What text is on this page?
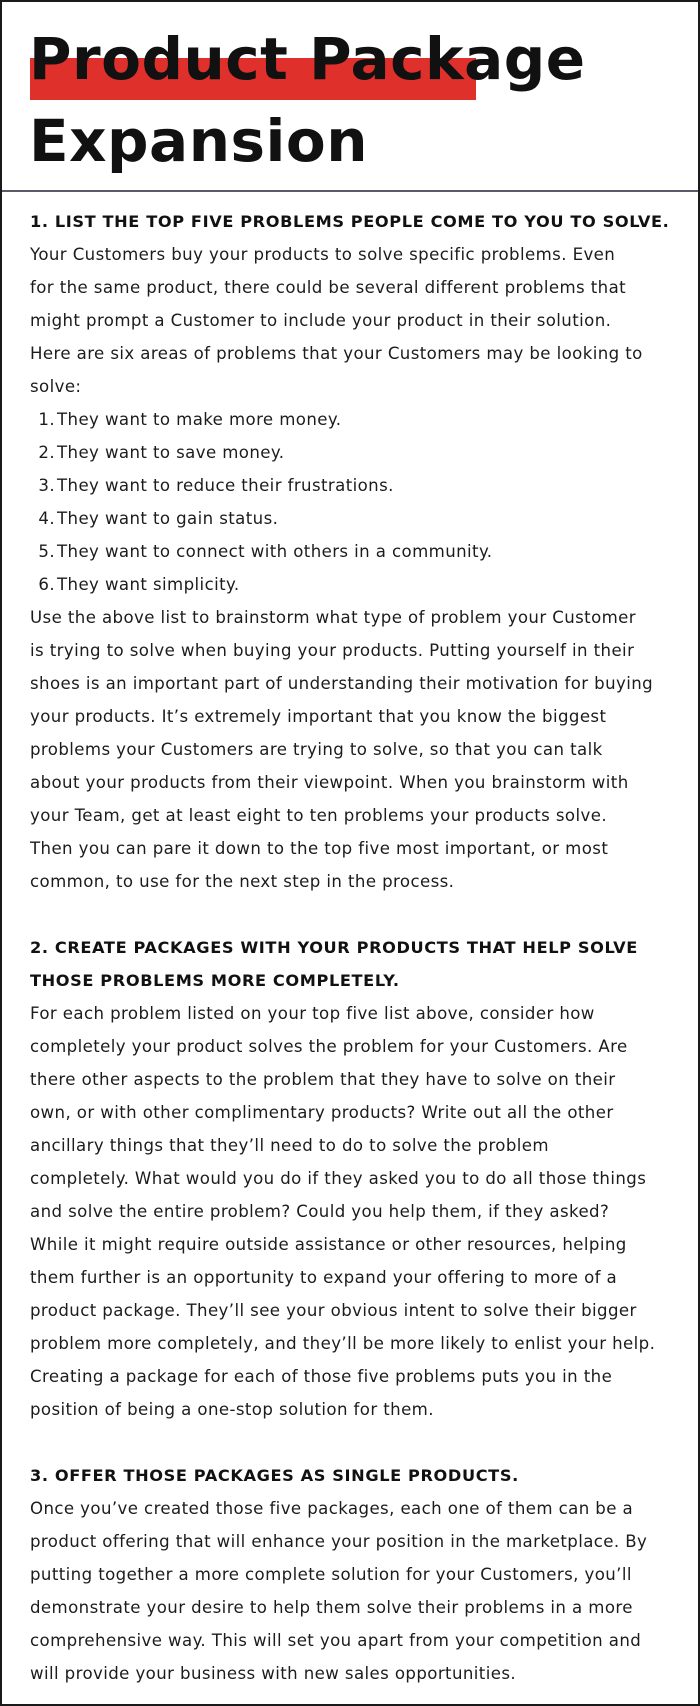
Product Package
Expansion
1. LIST THE TOP FIVE PROBLEMS PEOPLE COME TO YOU TO SOLVE.
Your Customers buy your products to solve specific problems. Even
for the same product, there could be several different problems that
might prompt a Customer to include your product in their solution.
Here are six areas of problems that your Customers may be looking to
solve:
1. They want to make more money.
2. They want to save money.
3. They want to reduce their frustrations.
4. They want to gain status.
5. They want to connect with others in a community.
6. They want simplicity.
Use the above list to brainstorm what type of problem your Customer
is trying to solve when buying your products. Putting yourself in their
shoes is an important part of understanding their motivation for buying
your products. It’s extremely important that you know the biggest
problems your Customers are trying to solve, so that you can talk
about your products from their viewpoint. When you brainstorm with
your Team, get at least eight to ten problems your products solve.
Then you can pare it down to the top five most important, or most
common, to use for the next step in the process.
2. CREATE PACKAGES WITH YOUR PRODUCTS THAT HELP SOLVE
THOSE PROBLEMS MORE COMPLETELY.
For each problem listed on your top five list above, consider how
completely your product solves the problem for your Customers. Are
there other aspects to the problem that they have to solve on their
own, or with other complimentary products? Write out all the other
ancillary things that they’ll need to do to solve the problem
completely. What would you do if they asked you to do all those things
and solve the entire problem? Could you help them, if they asked?
While it might require outside assistance or other resources, helping
them further is an opportunity to expand your offering to more of a
product package. They’ll see your obvious intent to solve their bigger
problem more completely, and they’ll be more likely to enlist your help.
Creating a package for each of those five problems puts you in the
position of being a one-stop solution for them.
3. OFFER THOSE PACKAGES AS SINGLE PRODUCTS.
Once you’ve created those five packages, each one of them can be a
product offering that will enhance your position in the marketplace. By
putting together a more complete solution for your Customers, you’ll
demonstrate your desire to help them solve their problems in a more
comprehensive way. This will set you apart from your competition and
will provide your business with new sales opportunities.
